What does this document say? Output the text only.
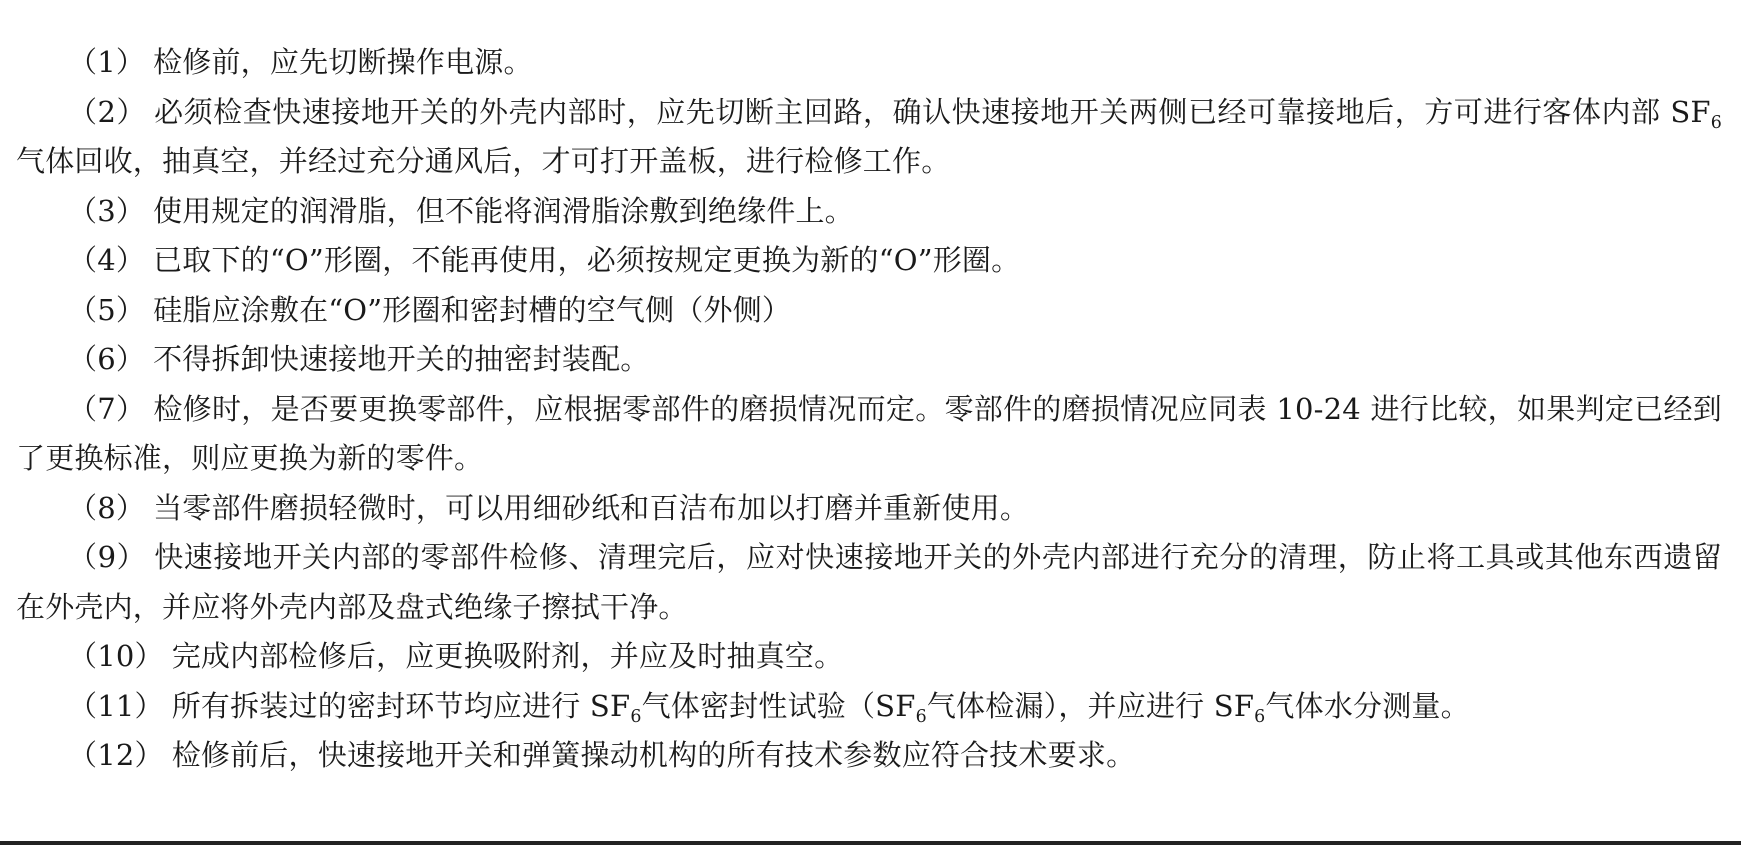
（1） 检修前，应先切断操作电源。

（2） 必须检查快速接地开关的外壳内部时，应先切断主回路，确认快速接地开关两侧已经可靠接地后，方可进行客体内部 $SF_6$气体回收，抽真空，并经过充分通风后，才可打开盖板，进行检修工作。

（3） 使用规定的润滑脂，但不能将润滑脂涂敷到绝缘件上。

（4） 已取下的“O”形圈，不能再使用，必须按规定更换为新的“O”形圈。

（5） 硅脂应涂敷在“O”形圈和密封槽的空气侧（外侧）

（6） 不得拆卸快速接地开关的抽密封装配。

（7） 检修时，是否要更换零部件，应根据零部件的磨损情况而定。零部件的磨损情况应同表 10-24 进行比较，如果判定已经到了更换标准，则应更换为新的零件。

（8） 当零部件磨损轻微时，可以用细砂纸和百洁布加以打磨并重新使用。

（9） 快速接地开关内部的零部件检修、清理完后，应对快速接地开关的外壳内部进行充分的清理，防止将工具或其他东西遗留在外壳内，并应将外壳内部及盘式绝缘子擦拭干净。

（10） 完成内部检修后，应更换吸附剂，并应及时抽真空。

（11） 所有拆装过的密封环节均应进行 $SF_6$气体密封性试验（$SF_6$气体检漏），并应进行 $SF_6$气体水分测量。

（12） 检修前后，快速接地开关和弹簧操动机构的所有技术参数应符合技术要求。
